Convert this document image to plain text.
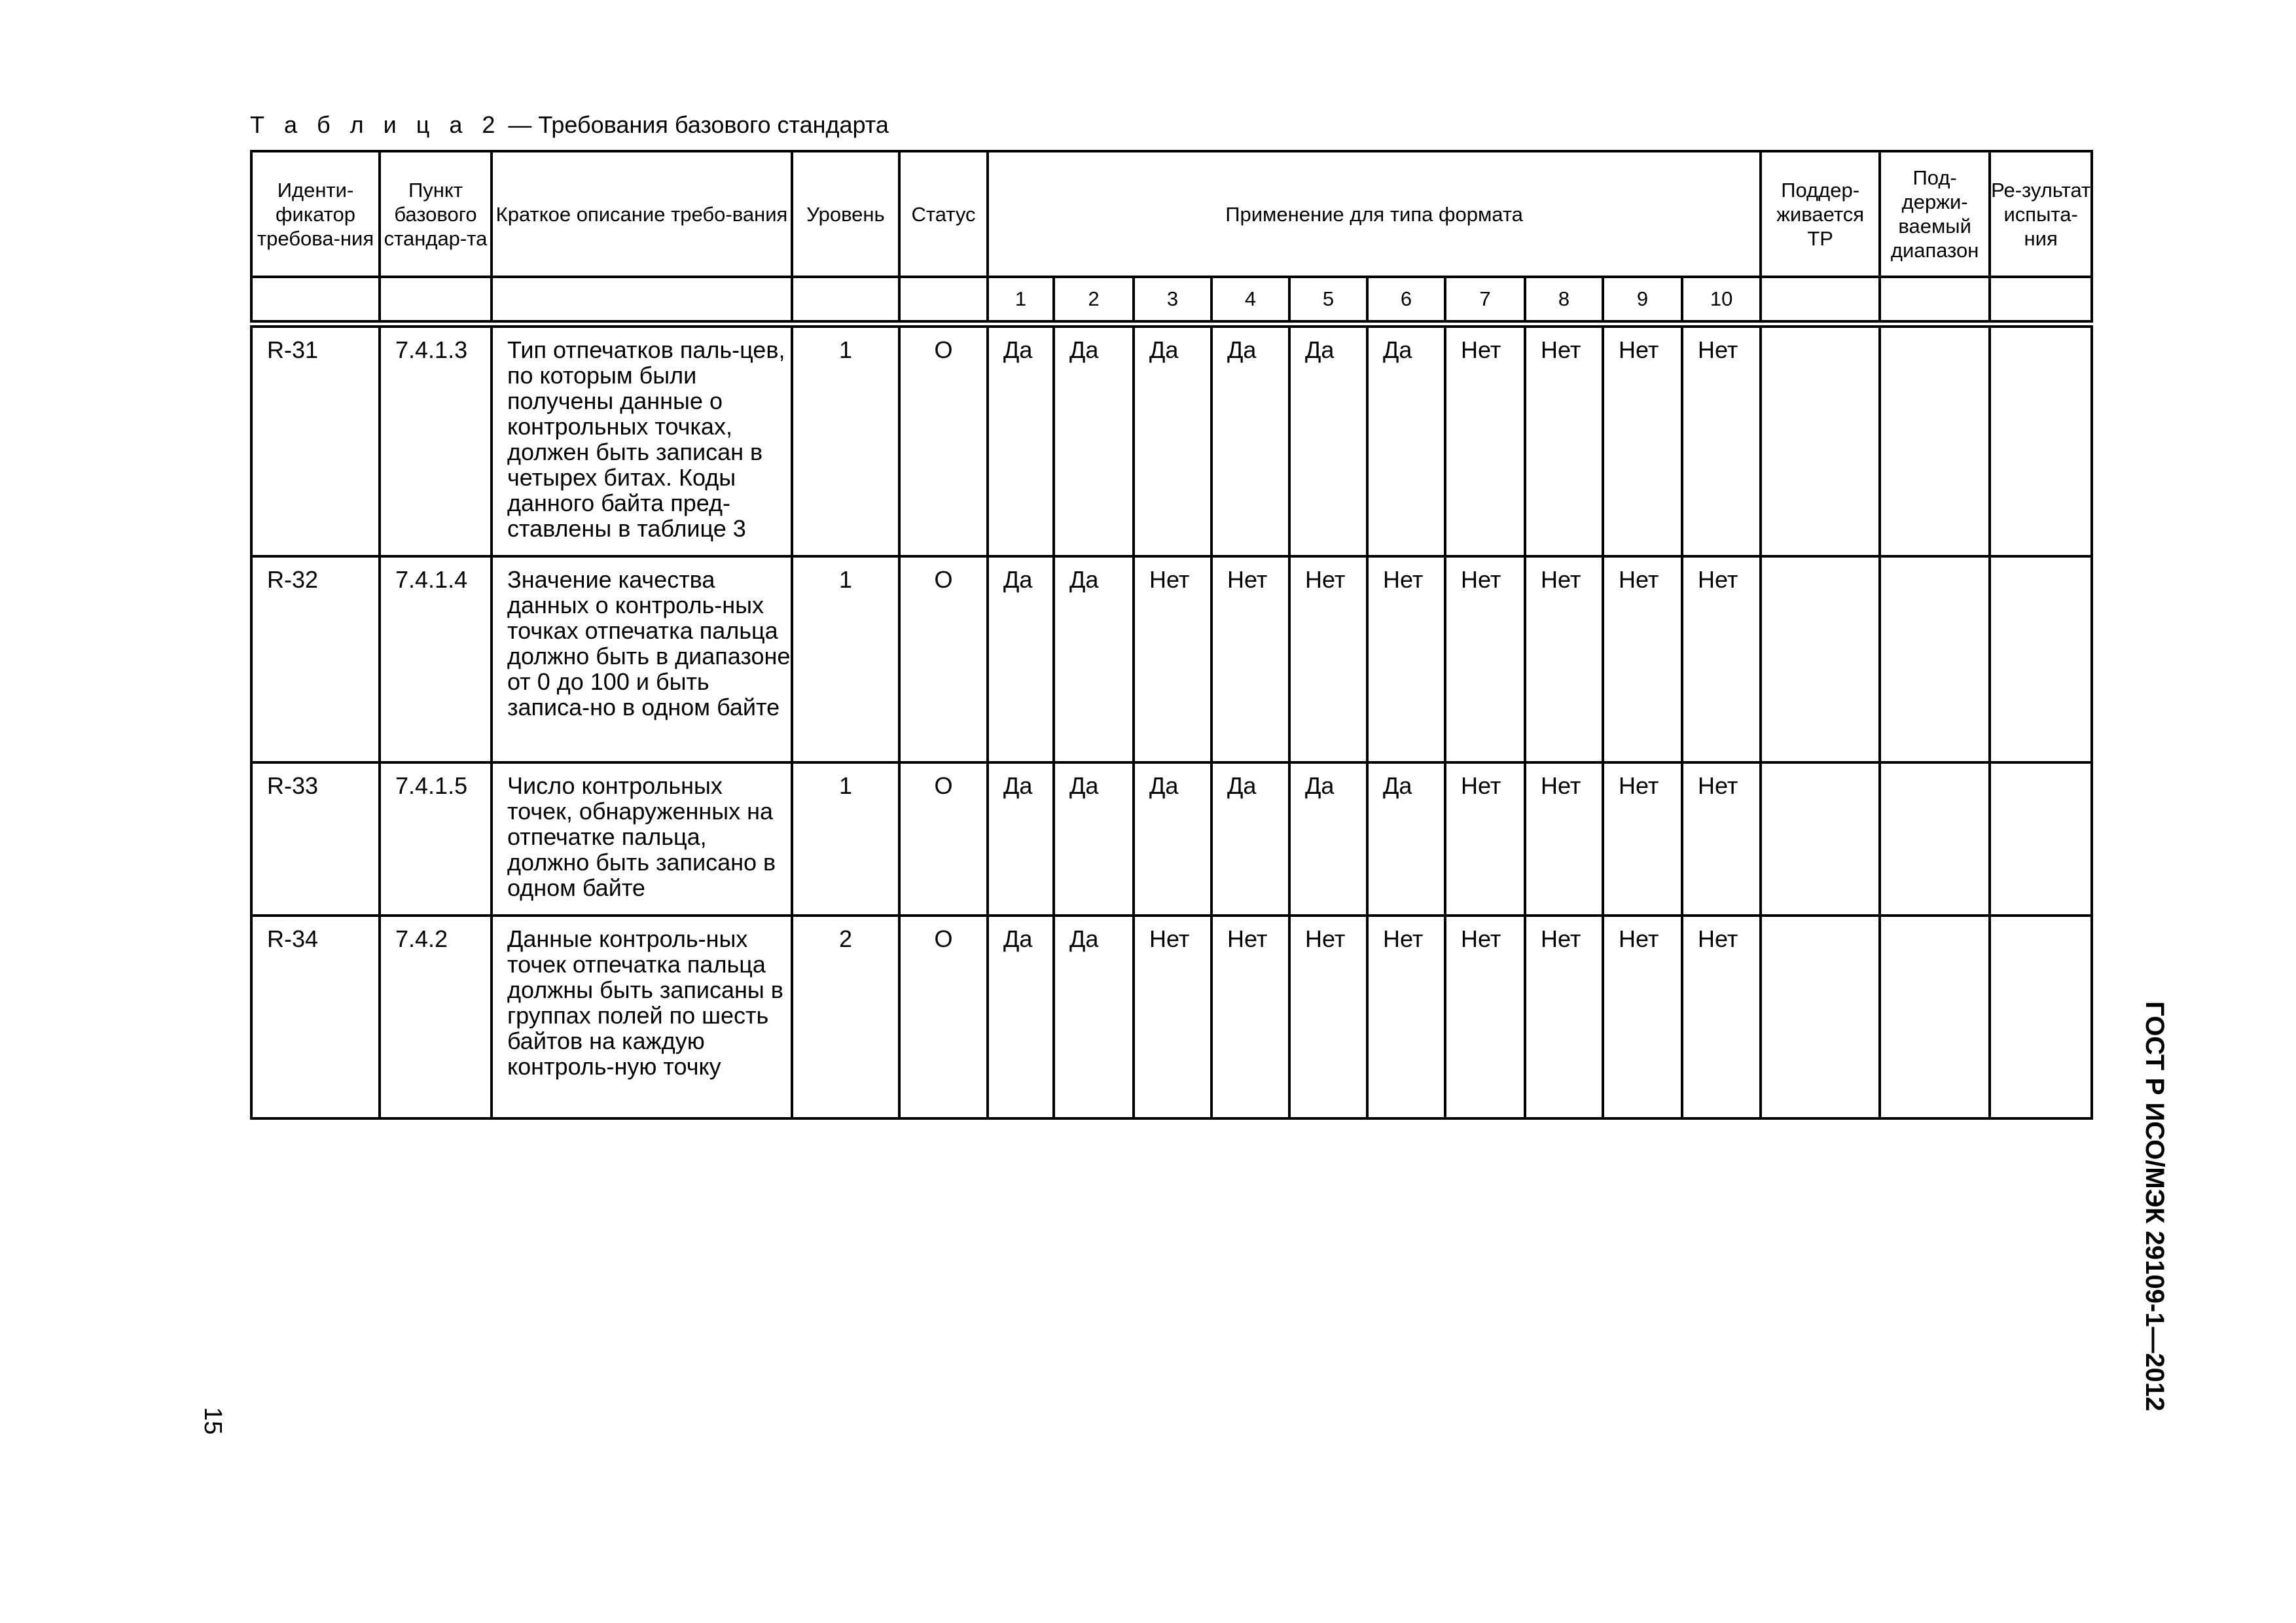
Т а б л и ц а 2 — Требования базового стандарта
Иденти-фикатор требова-ния	Пункт базового стандар-та	Краткое описание требо-вания	Уровень	Статус	Применение для типа формата										Поддер-живается ТР	Под-держи-ваемый диапазон	Ре-зультат испыта-ния
					1	2	3	4	5	6	7	8	9	10			
R-31	7.4.1.3	Тип отпечатков паль-цев, по которым были получены данные о контрольных точках, должен быть записан в четырех битах. Коды данного байта пред-ставлены в таблице 3	1	О	Да	Да	Да	Да	Да	Да	Нет	Нет	Нет	Нет			
R-32	7.4.1.4	Значение качества данных о контроль-ных точках отпечатка пальца должно быть в диапазоне от 0 до 100 и быть записа-но в одном байте	1	О	Да	Да	Нет	Нет	Нет	Нет	Нет	Нет	Нет	Нет			
R-33	7.4.1.5	Число контрольных точек, обнаруженных на отпечатке пальца, должно быть записано в одном байте	1	О	Да	Да	Да	Да	Да	Да	Нет	Нет	Нет	Нет			
R-34	7.4.2	Данные контроль-ных точек отпечатка пальца должны быть записаны в группах полей по шесть байтов на каждую контроль-ную точку	2	О	Да	Да	Нет	Нет	Нет	Нет	Нет	Нет	Нет	Нет			
ГОСТ Р ИСО/МЭК 29109-1—2012
15
